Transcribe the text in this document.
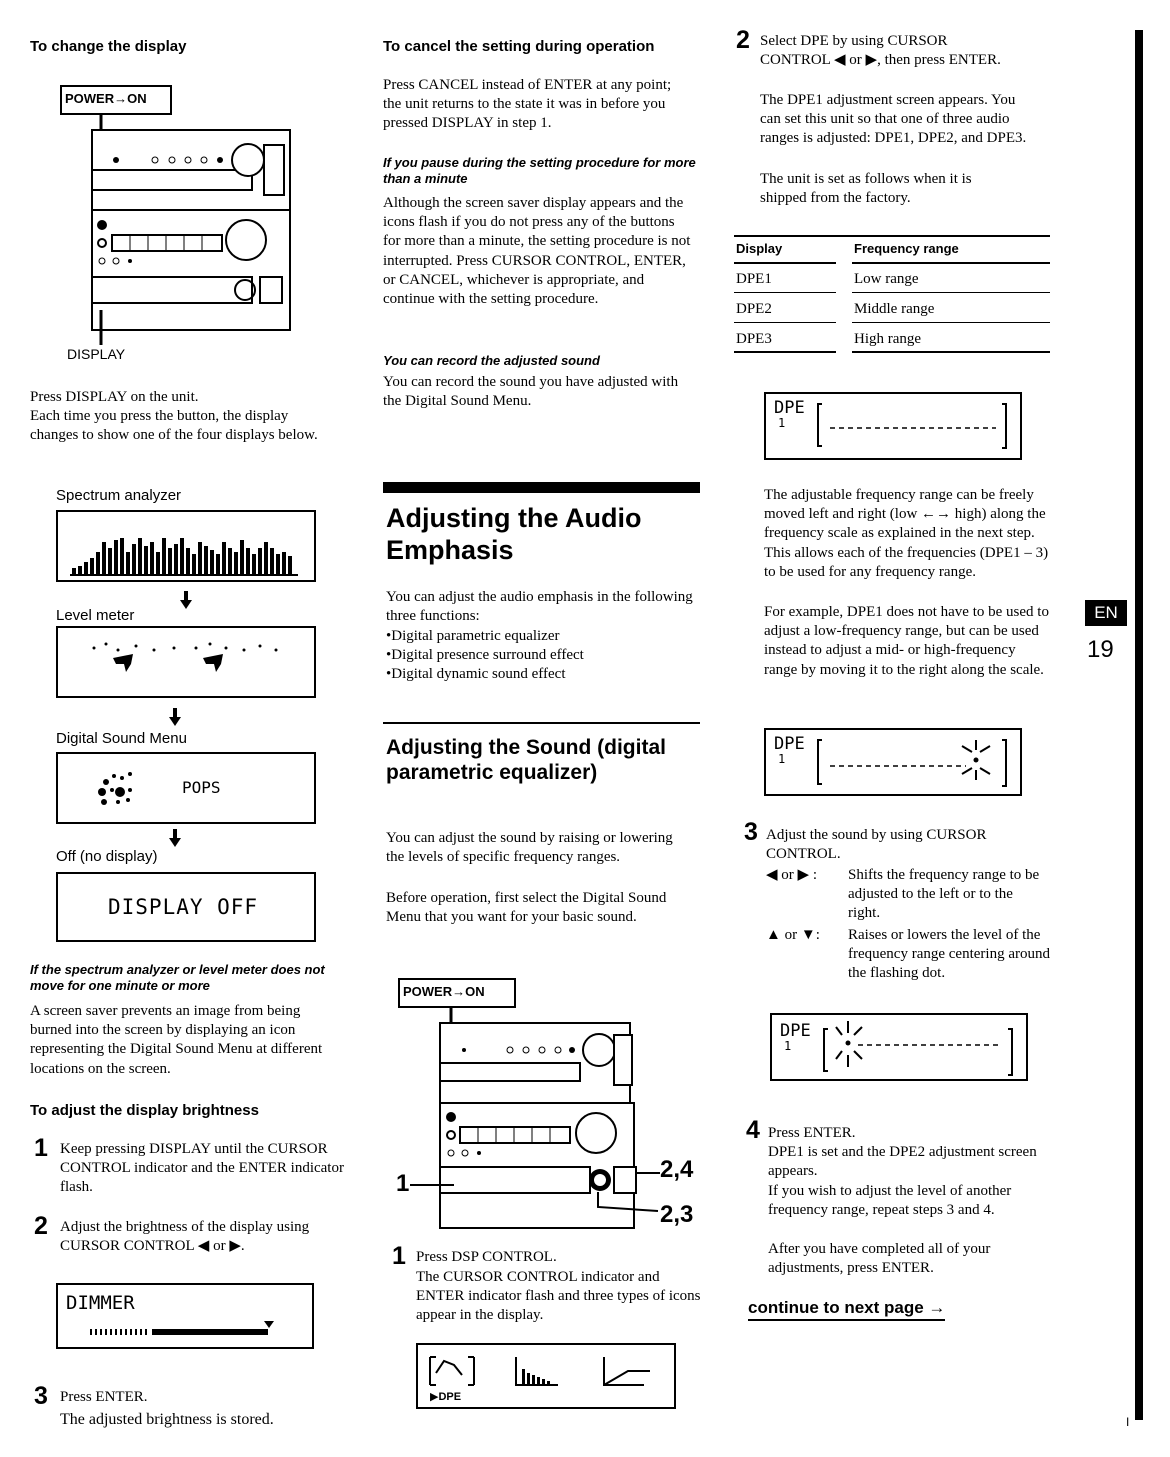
To change the display
POWER→ON
DISPLAY

Press DISPLAY on the unit.

Each time you press the button, the display changes to show one of the four displays below.

Spectrum analyzer
Level meter
Digital Sound Menu
POPS
Off (no display)
DISPLAY OFF
If the spectrum analyzer or level meter does not move for one minute or more

A screen saver prevents an image from being burned into the screen by displaying an icon representing the Digital Sound Menu at different locations on the screen.

To adjust the display brightness
1 Keep pressing DISPLAY until the CURSOR CONTROL indicator and the ENTER indicator flash.

2 Adjust the brightness of the display using CURSOR CONTROL ◀ or ▶.

DIMMER
3 Press ENTER.

The adjusted brightness is stored.

To cancel the setting during operation

Press CANCEL instead of ENTER at any point; the unit returns to the state it was in before you pressed DISPLAY in step 1.

If you pause during the setting procedure for more than a minute

Although the screen saver display appears and the icons flash if you do not press any of the buttons for more than a minute, the setting procedure is not interrupted. Press CURSOR CONTROL, ENTER, or CANCEL, whichever is appropriate, and continue with the setting procedure.

You can record the adjusted sound

You can record the sound you have adjusted with the Digital Sound Menu.

Adjusting the Audio Emphasis

You can adjust the audio emphasis in the following three functions:

•Digital parametric equalizer
•Digital presence surround effect
•Digital dynamic sound effect
Adjusting the Sound (digital parametric equalizer)

You can adjust the sound by raising or lowering the levels of specific frequency ranges.

Before operation, first select the Digital Sound Menu that you want for your basic sound.

POWER→ON
1
2,4
2,3
1 Press DSP CONTROL.

The CURSOR CONTROL indicator and ENTER indicator flash and three types of icons appear in the display.

▶DPE
2 Select DPE by using CURSOR CONTROL ◀ or ▶, then press ENTER.

The DPE1 adjustment screen appears. You can set this unit so that one of three audio ranges is adjusted: DPE1, DPE2, and DPE3.

The unit is set as follows when it is shipped from the factory.

Display	Frequency range
DPE1	Low range
DPE2	Middle range
DPE3	High range
DPE
1

The adjustable frequency range can be freely moved left and right (low ←→ high) along the frequency scale as explained in the next step. This allows each of the frequencies (DPE1 – 3) to be used for any frequency range.

For example, DPE1 does not have to be used to adjust a low-frequency range, but can be used instead to adjust a mid- or high-frequency range by moving it to the right along the scale.

DPE
1
3 Adjust the sound by using CURSOR CONTROL.

◀ or ▶ : Shifts the frequency range to be adjusted to the left or to the right.

▲ or ▼: Raises or lowers the level of the frequency range centering around the flashing dot.

DPE
1
4 Press ENTER.

DPE1 is set and the DPE2 adjustment screen appears.

If you wish to adjust the level of another frequency range, repeat steps 3 and 4.

After you have completed all of your adjustments, press ENTER.

continue to next page →
EN
19
I
